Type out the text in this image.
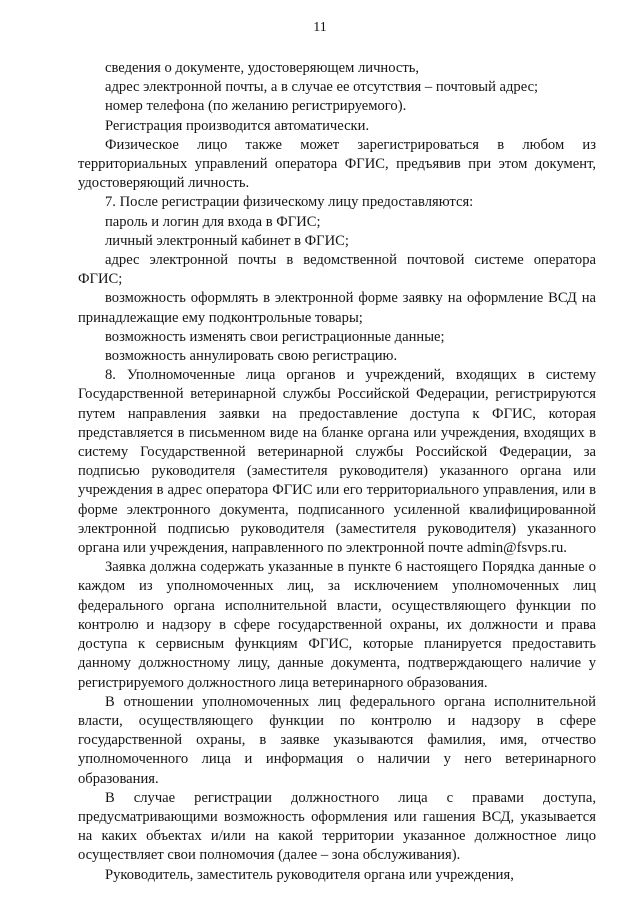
11

сведения о документе, удостоверяющем личность,

адрес электронной почты, а в случае ее отсутствия – почтовый адрес;

номер телефона (по желанию регистрируемого).

Регистрация производится автоматически.

Физическое лицо также может зарегистрироваться в любом из территориальных управлений оператора ФГИС, предъявив при этом документ, удостоверяющий личность.

7. После регистрации физическому лицу предоставляются:

пароль и логин для входа в ФГИС;

личный электронный кабинет в ФГИС;

адрес электронной почты в ведомственной почтовой системе оператора ФГИС;

возможность оформлять в электронной форме заявку на оформление ВСД на принадлежащие ему подконтрольные товары;

возможность изменять свои регистрационные данные;

возможность аннулировать свою регистрацию.

8. Уполномоченные лица органов и учреждений, входящих в систему Государственной ветеринарной службы Российской Федерации, регистрируются путем направления заявки на предоставление доступа к ФГИС, которая представляется в письменном виде на бланке органа или учреждения, входящих в систему Государственной ветеринарной службы Российской Федерации, за подписью руководителя (заместителя руководителя) указанного органа или учреждения в адрес оператора ФГИС или его территориального управления, или в форме электронного документа, подписанного усиленной квалифицированной электронной подписью руководителя (заместителя руководителя) указанного органа или учреждения, направленного по электронной почте admin@fsvps.ru.

Заявка должна содержать указанные в пункте 6 настоящего Порядка данные о каждом из уполномоченных лиц, за исключением уполномоченных лиц федерального органа исполнительной власти, осуществляющего функции по контролю и надзору в сфере государственной охраны, их должности и права доступа к сервисным функциям ФГИС, которые планируется предоставить данному должностному лицу, данные документа, подтверждающего наличие у регистрируемого должностного лица ветеринарного образования.

В отношении уполномоченных лиц федерального органа исполнительной власти, осуществляющего функции по контролю и надзору в сфере государственной охраны, в заявке указываются фамилия, имя, отчество уполномоченного лица и информация о наличии у него ветеринарного образования.

В случае регистрации должностного лица с правами доступа, предусматривающими возможность оформления или гашения ВСД, указывается на каких объектах и/или на какой территории указанное должностное лицо осуществляет свои полномочия (далее – зона обслуживания).

Руководитель, заместитель руководителя органа или учреждения,
